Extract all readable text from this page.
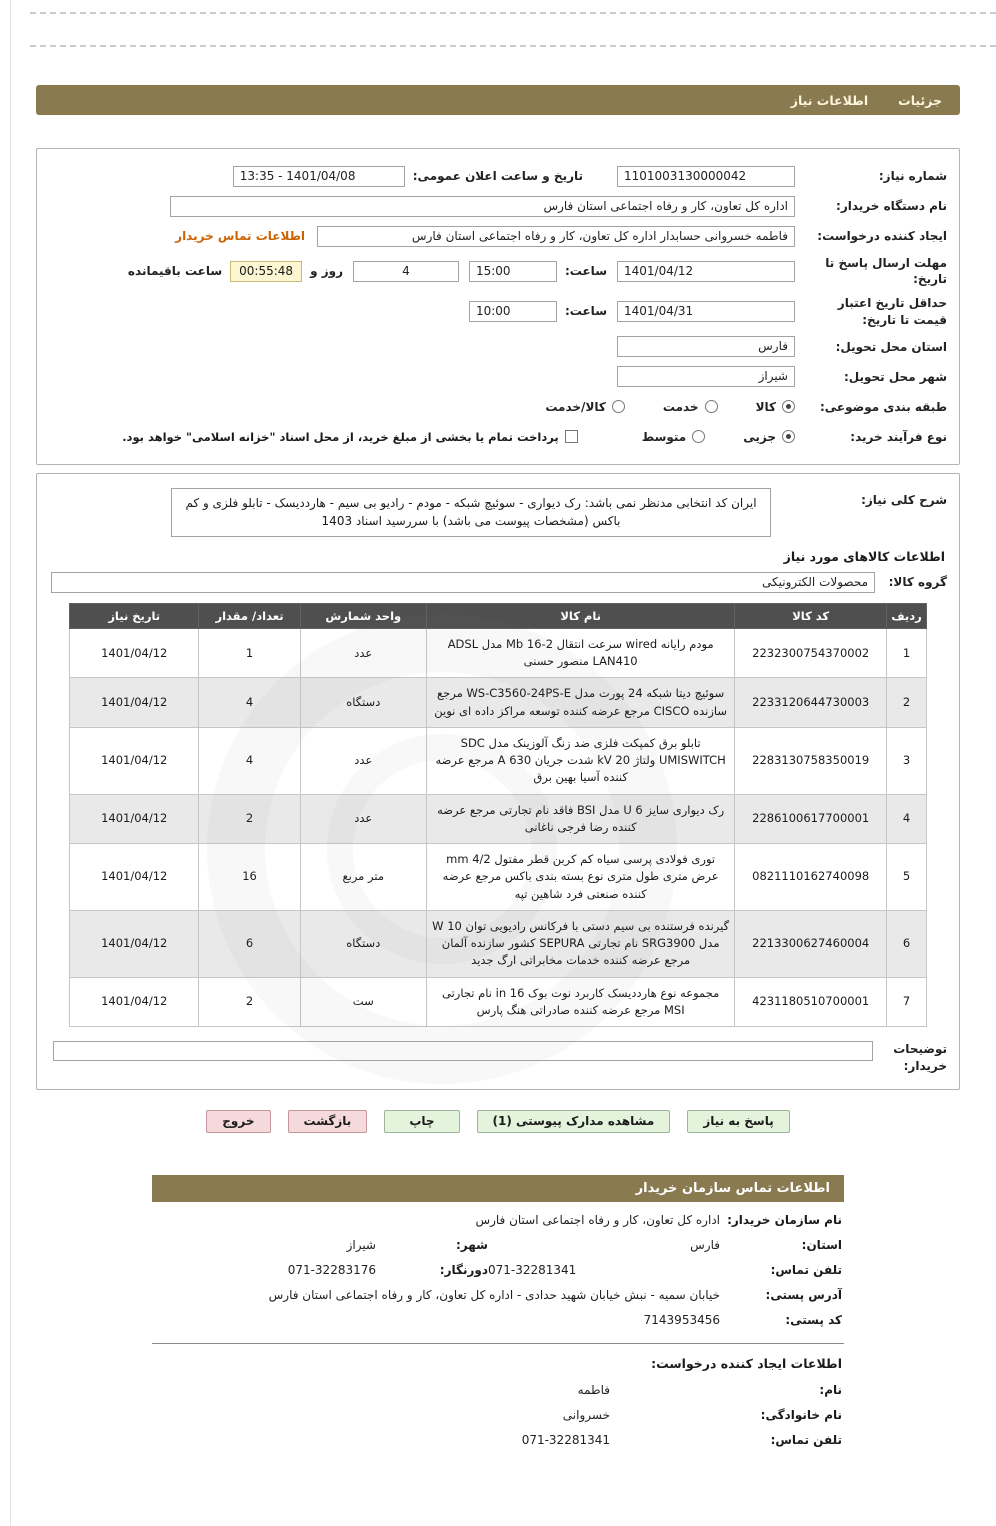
جزئیات
اطلاعات نیاز
شماره نیاز:
1101003130000042
تاریخ و ساعت اعلان عمومی:
13:35 - 1401/04/08
نام دستگاه خریدار:
اداره کل تعاون، کار و رفاه اجتماعی استان فارس
ایجاد کننده درخواست:
فاطمه خسروانی حسابدار اداره کل تعاون، کار و رفاه اجتماعی استان فارس
اطلاعات تماس خریدار
مهلت ارسال پاسخ تا تاریخ:
1401/04/12
ساعت:
15:00
4
روز و
00:55:48
ساعت باقیمانده
حداقل تاریخ اعتبار قیمت تا تاریخ:
1401/04/31
ساعت:
10:00
استان محل تحویل:
فارس
شهر محل تحویل:
شیراز
طبقه بندی موضوعی:
کالا
خدمت
کالا/خدمت
نوع فرآیند خرید:
جزیی
متوسط
پرداخت تمام یا بخشی از مبلغ خرید، از محل اسناد "خزانه اسلامی" خواهد بود.
شرح کلی نیاز:
ایران کد انتخابی مدنظر نمی باشد: رک دیواری - سوئیچ شبکه - مودم - رادیو بی سیم - هارددیسک - تابلو فلزی و کم باکس (مشخصات پیوست می باشد) با سررسید اسناد 1403
اطلاعات کالاهای مورد نیاز
گروه کالا:
محصولات الکترونیکی
ردیف	کد کالا	نام کالا	واحد شمارش	تعداد/ مقدار	تاریخ نیاز
1	2232300754370002	مودم رایانه wired سرعت انتقال 2-16 Mb مدل ADSL LAN410 منصور حسنی	عدد	1	1401/04/12
2	2233120644730003	سوئیچ دیتا شبکه 24 پورت مدل WS-C3560-24PS-E مرجع سازنده CISCO مرجع عرضه کننده توسعه مراکز داده ای نوین	دستگاه	4	1401/04/12
3	2283130758350019	تابلو برق کمپکت فلزی ضد زنگ آلوزینک مدل SDC UMISWITCH ولتاژ 20 kV شدت جریان 630 A مرجع عرضه کننده آسیا بهین برق	عدد	4	1401/04/12
4	2286100617700001	رک دیواری سایز 6 U مدل BSI فاقد نام تجارتی مرجع عرضه کننده رضا فرجی ناغانی	عدد	2	1401/04/12
5	0821110162740098	توری فولادی پرسی سیاه کم کربن قطر مفتول 4/2 mm عرض متری طول متری نوع بسته بندی باکس مرجع عرضه کننده صنعتی فرد شاهین تپه	متر مربع	16	1401/04/12
6	2213300627460004	گیرنده فرستنده بی سیم دستی با فرکانس رادیویی توان 10 W مدل SRG3900 نام تجارتی SEPURA کشور سازنده آلمان مرجع عرضه کننده خدمات مخابراتی ارگ جدید	دستگاه	6	1401/04/12
7	4231180510700001	مجموعه نوع هارددیسک کاربرد نوت بوک 16 in نام تجارتی MSI مرجع عرضه کننده صادراتی هنگ پارس	ست	2	1401/04/12
توضیحات خریدار:
پاسخ به نیاز
مشاهده مدارک پیوستی (1)
چاپ
بازگشت
خروج
اطلاعات تماس سازمان خریدار
نام سازمان خریدار:
اداره کل تعاون، کار و رفاه اجتماعی استان فارس
استان:
فارس
شهر:
شیراز
تلفن تماس:
071-32281341
دورنگار:
071-32283176
آدرس پستی:
خیابان سمیه - نبش خیابان شهید حدادی - اداره کل تعاون، کار و رفاه اجتماعی استان فارس
کد پستی:
7143953456
اطلاعات ایجاد کننده درخواست:
نام:
فاطمه
نام خانوادگی:
خسروانی
تلفن تماس:
071-32281341
